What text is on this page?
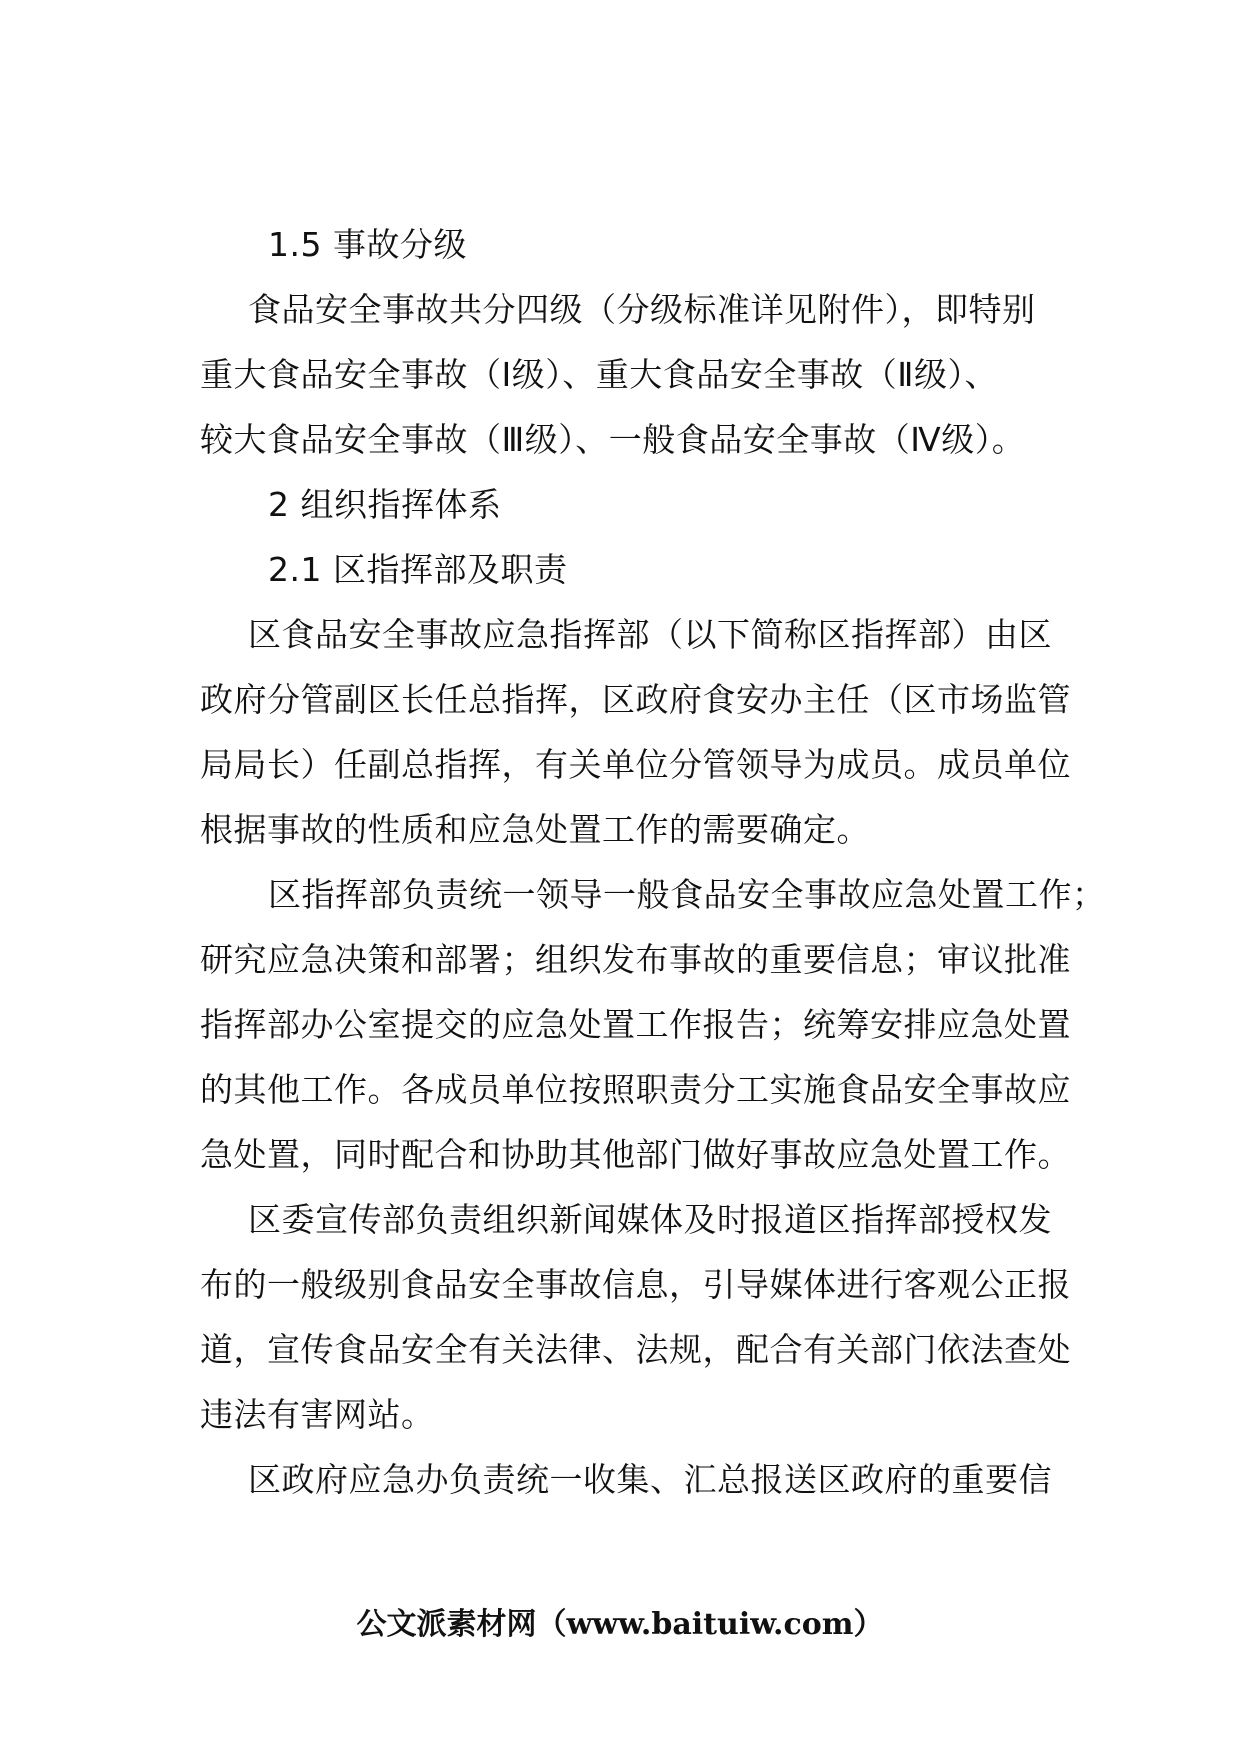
1.5 事故分级
食品安全事故共分四级（分级标准详见附件），即特别
重大食品安全事故（Ⅰ级）、重大食品安全事故（Ⅱ级）、
较大食品安全事故（Ⅲ级）、一般食品安全事故（Ⅳ级）。
2 组织指挥体系
2.1 区指挥部及职责
区食品安全事故应急指挥部（以下简称区指挥部）由区
政府分管副区长任总指挥，区政府食安办主任（区市场监管
局局长）任副总指挥，有关单位分管领导为成员。成员单位
根据事故的性质和应急处置工作的需要确定。
区指挥部负责统一领导一般食品安全事故应急处置工作；
研究应急决策和部署；组织发布事故的重要信息；审议批准
指挥部办公室提交的应急处置工作报告；统筹安排应急处置
的其他工作。各成员单位按照职责分工实施食品安全事故应
急处置，同时配合和协助其他部门做好事故应急处置工作。
区委宣传部负责组织新闻媒体及时报道区指挥部授权发
布的一般级别食品安全事故信息，引导媒体进行客观公正报
道，宣传食品安全有关法律、法规，配合有关部门依法查处
违法有害网站。
区政府应急办负责统一收集、汇总报送区政府的重要信
公文派素材网（www.baituiw.com）
